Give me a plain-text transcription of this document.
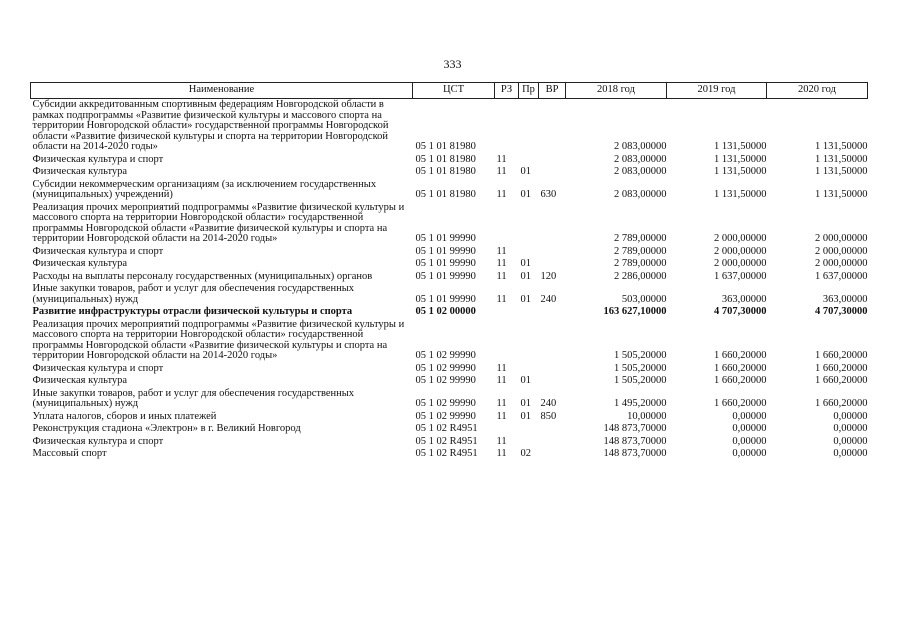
333
Наименование	ЦСТ	РЗ	Пр	ВР	2018 год	2019 год	2020 год
Субсидии аккредитованным спортивным федерациям Новгородской области в рамках подпрограммы «Развитие физической культуры и массового спорта на территории Новгородской области» государственной программы Новгородской области «Развитие физической культуры и спорта на территории Новгородской области на 2014-2020 годы»	05 1 01 81980				2 083,00000	1 131,50000	1 131,50000
Физическая культура и спорт	05 1 01 81980	11			2 083,00000	1 131,50000	1 131,50000
Физическая культура	05 1 01 81980	11	01		2 083,00000	1 131,50000	1 131,50000
Субсидии некоммерческим организациям (за исключением государственных (муниципальных) учреждений)	05 1 01 81980	11	01	630	2 083,00000	1 131,50000	1 131,50000
Реализация прочих мероприятий подпрограммы «Развитие физической культуры и массового спорта на территории Новгородской области» государственной программы Новгородской области «Развитие физической культуры и спорта на территории Новгородской области на 2014-2020 годы»	05 1 01 99990				2 789,00000	2 000,00000	2 000,00000
Физическая культура и спорт	05 1 01 99990	11			2 789,00000	2 000,00000	2 000,00000
Физическая культура	05 1 01 99990	11	01		2 789,00000	2 000,00000	2 000,00000
Расходы на выплаты персоналу государственных (муниципальных) органов	05 1 01 99990	11	01	120	2 286,00000	1 637,00000	1 637,00000
Иные закупки товаров, работ и услуг для обеспечения государственных (муниципальных) нужд	05 1 01 99990	11	01	240	503,00000	363,00000	363,00000
Развитие инфраструктуры отрасли физической культуры и спорта	05 1 02 00000				163 627,10000	4 707,30000	4 707,30000
Реализация прочих мероприятий подпрограммы «Развитие физической культуры и массового спорта на территории Новгородской области» государственной программы Новгородской области «Развитие физической культуры и спорта на территории Новгородской области на 2014-2020 годы»	05 1 02 99990				1 505,20000	1 660,20000	1 660,20000
Физическая культура и спорт	05 1 02 99990	11			1 505,20000	1 660,20000	1 660,20000
Физическая культура	05 1 02 99990	11	01		1 505,20000	1 660,20000	1 660,20000
Иные закупки товаров, работ и услуг для обеспечения государственных (муниципальных) нужд	05 1 02 99990	11	01	240	1 495,20000	1 660,20000	1 660,20000
Уплата налогов, сборов и иных платежей	05 1 02 99990	11	01	850	10,00000	0,00000	0,00000
Реконструкция стадиона «Электрон» в г. Великий Новгород	05 1 02 R4951				148 873,70000	0,00000	0,00000
Физическая культура и спорт	05 1 02 R4951	11			148 873,70000	0,00000	0,00000
Массовый спорт	05 1 02 R4951	11	02		148 873,70000	0,00000	0,00000
